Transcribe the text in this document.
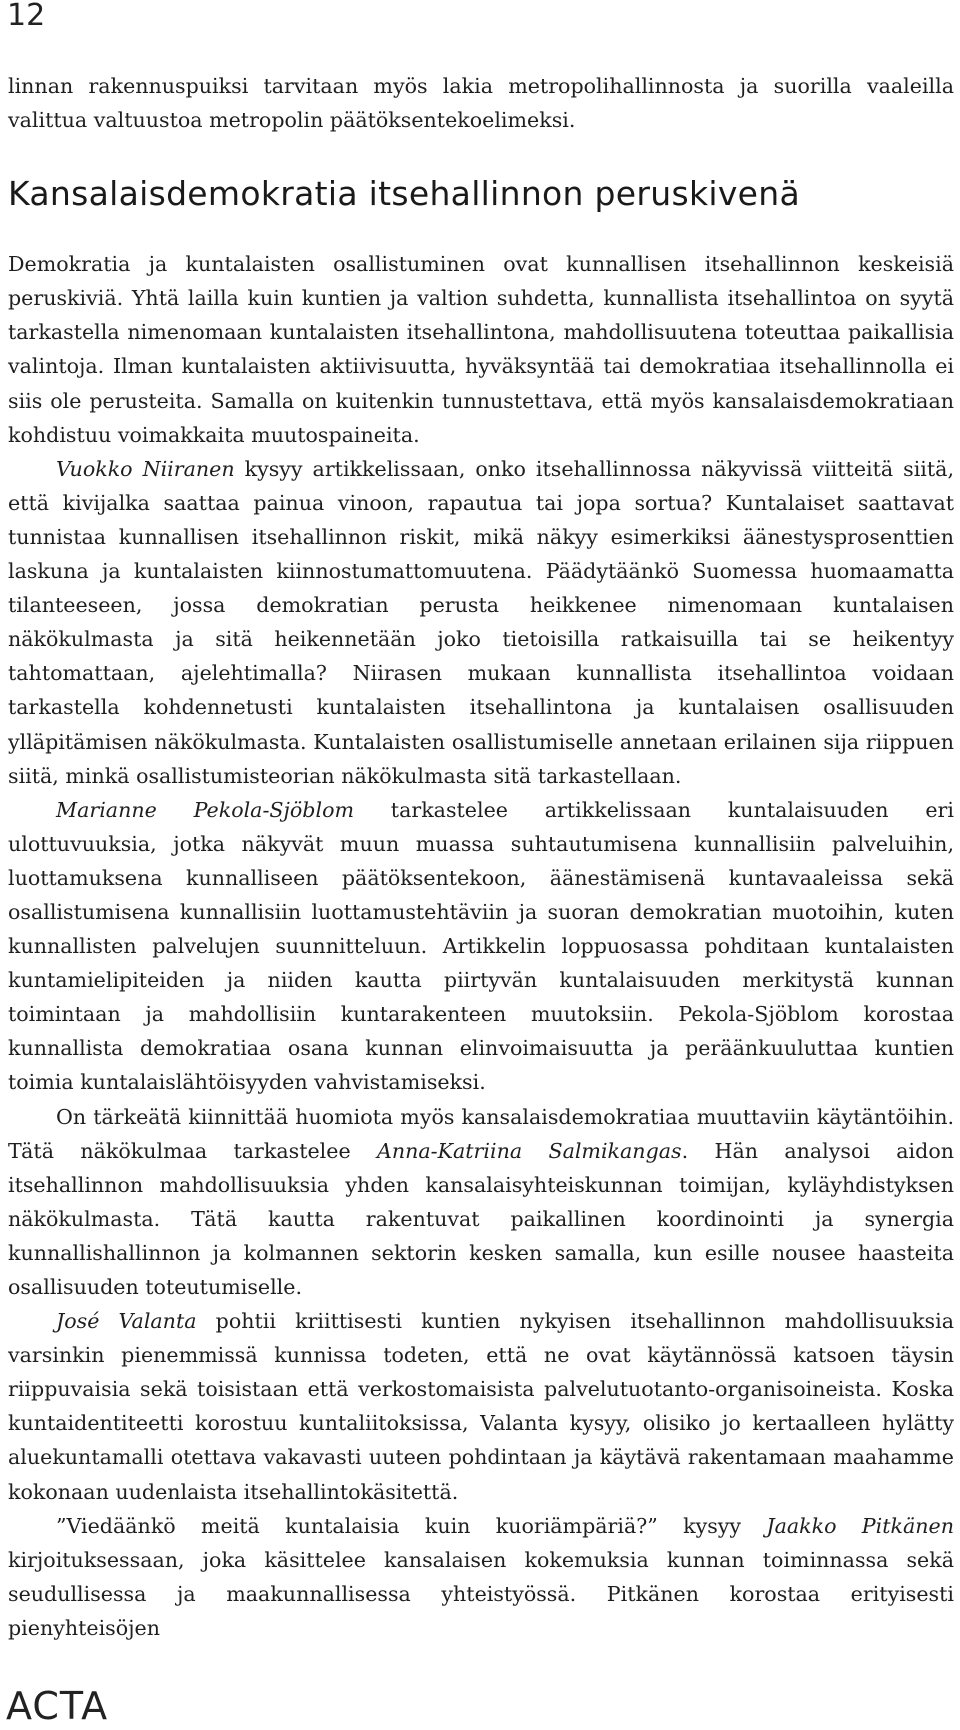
12

linnan rakennuspuiksi tarvitaan myös lakia metropolihallinnosta ja suorilla vaaleilla valittua valtuustoa metropolin päätöksentekoelimeksi.

Kansalaisdemokratia itsehallinnon peruskivenä

Demokratia ja kuntalaisten osallistuminen ovat kunnallisen itsehallinnon keskeisiä peruskiviä. Yhtä lailla kuin kuntien ja valtion suhdetta, kunnallista itsehallintoa on syytä tarkastella nimenomaan kuntalaisten itsehallintona, mahdollisuutena toteuttaa paikallisia valintoja. Ilman kuntalaisten aktiivisuutta, hyväksyntää tai demokratiaa itsehallinnolla ei siis ole perusteita. Samalla on kuitenkin tunnustettava, että myös kansalaisdemokratiaan kohdistuu voimakkaita muutospaineita.

Vuokko Niiranen kysyy artikkelissaan, onko itsehallinnossa näkyvissä viitteitä siitä, että kivijalka saattaa painua vinoon, rapautua tai jopa sortua? Kuntalaiset saattavat tunnistaa kunnallisen itsehallinnon riskit, mikä näkyy esimerkiksi äänestysprosenttien laskuna ja kuntalaisten kiinnostumattomuutena. Päädytäänkö Suomessa huomaamatta tilanteeseen, jossa demokratian perusta heikkenee nimenomaan kuntalaisen näkökulmasta ja sitä heikennetään joko tietoisilla ratkaisuilla tai se heikentyy tahtomattaan, ajelehtimalla? Niirasen mukaan kunnallista itsehallintoa voidaan tarkastella kohdennetusti kuntalaisten itsehallintona ja kuntalaisen osallisuuden ylläpitämisen näkökulmasta. Kuntalaisten osallistumiselle annetaan erilainen sija riippuen siitä, minkä osallistumisteorian näkökulmasta sitä tarkastellaan.

Marianne Pekola-Sjöblom tarkastelee artikkelissaan kuntalaisuuden eri ulottuvuuksia, jotka näkyvät muun muassa suhtautumisena kunnallisiin palveluihin, luottamuksena kunnalliseen päätöksentekoon, äänestämisenä kuntavaaleissa sekä osallistumisena kunnallisiin luottamustehtäviin ja suoran demokratian muotoihin, kuten kunnallisten palvelujen suunnitteluun. Artikkelin loppuosassa pohditaan kuntalaisten kuntamielipiteiden ja niiden kautta piirtyvän kuntalaisuuden merkitystä kunnan toimintaan ja mahdollisiin kuntarakenteen muutoksiin. Pekola-Sjöblom korostaa kunnallista demokratiaa osana kunnan elinvoimaisuutta ja peräänkuuluttaa kuntien toimia kuntalaislähtöisyyden vahvistamiseksi.

On tärkeätä kiinnittää huomiota myös kansalaisdemokratiaa muuttaviin käytäntöihin. Tätä näkökulmaa tarkastelee Anna-Katriina Salmikangas. Hän analysoi aidon itsehallinnon mahdollisuuksia yhden kansalaisyhteiskunnan toimijan, kyläyhdistyksen näkökulmasta. Tätä kautta rakentuvat paikallinen koordinointi ja synergia kunnallishallinnon ja kolmannen sektorin kesken samalla, kun esille nousee haasteita osallisuuden toteutumiselle.

José Valanta pohtii kriittisesti kuntien nykyisen itsehallinnon mahdollisuuksia varsinkin pienemmissä kunnissa todeten, että ne ovat käytännössä katsoen täysin riippuvaisia sekä toisistaan että verkostomaisista palvelutuotanto-organisoineista. Koska kuntaidentiteetti korostuu kuntaliitoksissa, Valanta kysyy, olisiko jo kertaalleen hylätty aluekuntamalli otettava vakavasti uuteen pohdintaan ja käytävä rakentamaan maahamme kokonaan uudenlaista itsehallintokäsitettä.

”Viedäänkö meitä kuntalaisia kuin kuoriämpäriä?” kysyy Jaakko Pitkänen kirjoituksessaan, joka käsittelee kansalaisen kokemuksia kunnan toiminnassa sekä seudullisessa ja maakunnallisessa yhteistyössä. Pitkänen korostaa erityisesti pienyhteisöjen

ACTA
